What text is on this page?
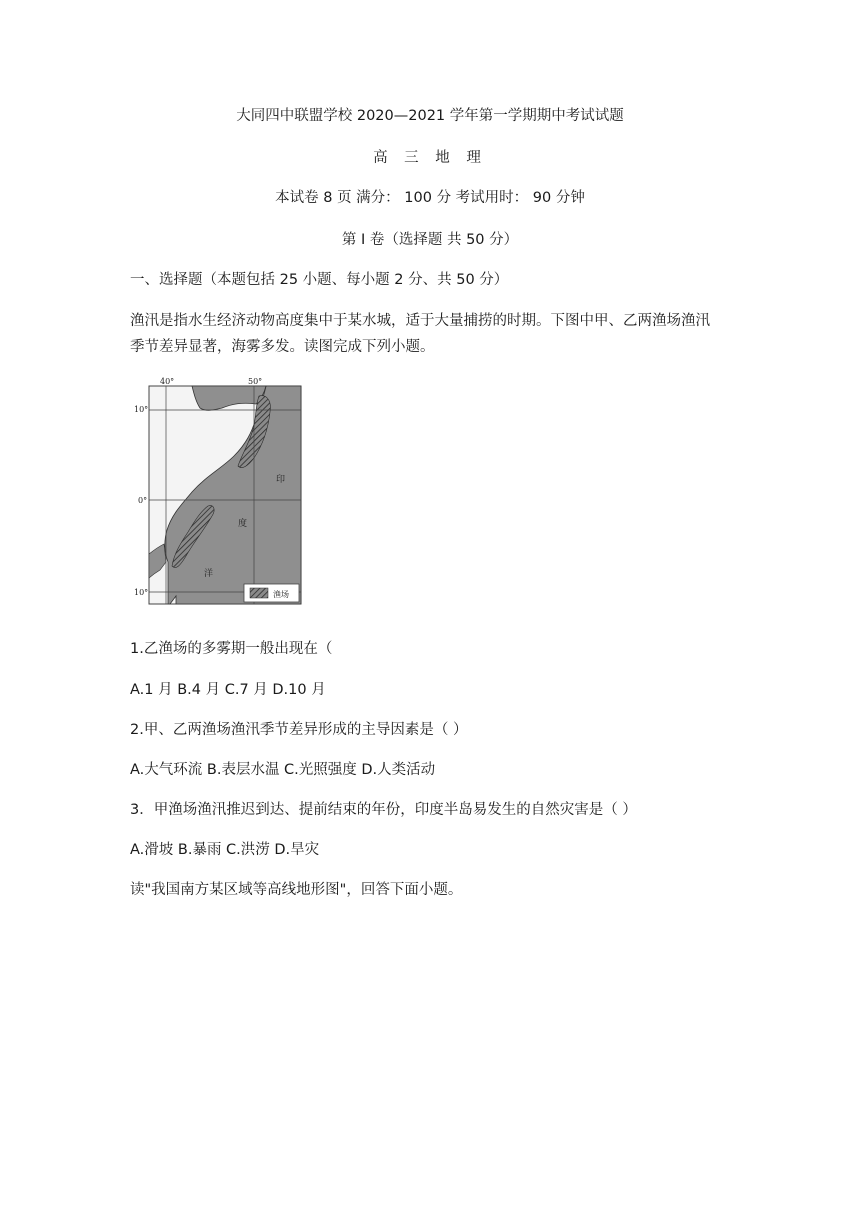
大同四中联盟学校 2020—2021 学年第一学期期中考试试题
高 三 地 理
本试卷 8 页 满分： 100 分 考试用时： 90 分钟
第 I 卷（选择题 共 50 分）
一、选择题（本题包括 25 小题、每小题 2 分、共 50 分）
渔汛是指水生经济动物高度集中于某水城，适于大量捕捞的时期。下图中甲、乙两渔场渔汛
季节差异显著，海雾多发。读图完成下列小题。
40°	50°
10°
0°
10°
印
度
洋
渔场
1.乙渔场的多雾期一般出现在（
A.1 月 B.4 月 C.7 月 D.10 月
2.甲、乙两渔场渔汛季节差异形成的主导因素是（ ）
A.大气环流 B.表层水温 C.光照强度 D.人类活动
3．甲渔场渔汛推迟到达、提前结束的年份，印度半岛易发生的自然灾害是（ ）
A.滑坡 B.暴雨 C.洪涝 D.旱灾
读"我国南方某区域等高线地形图"，回答下面小题。
